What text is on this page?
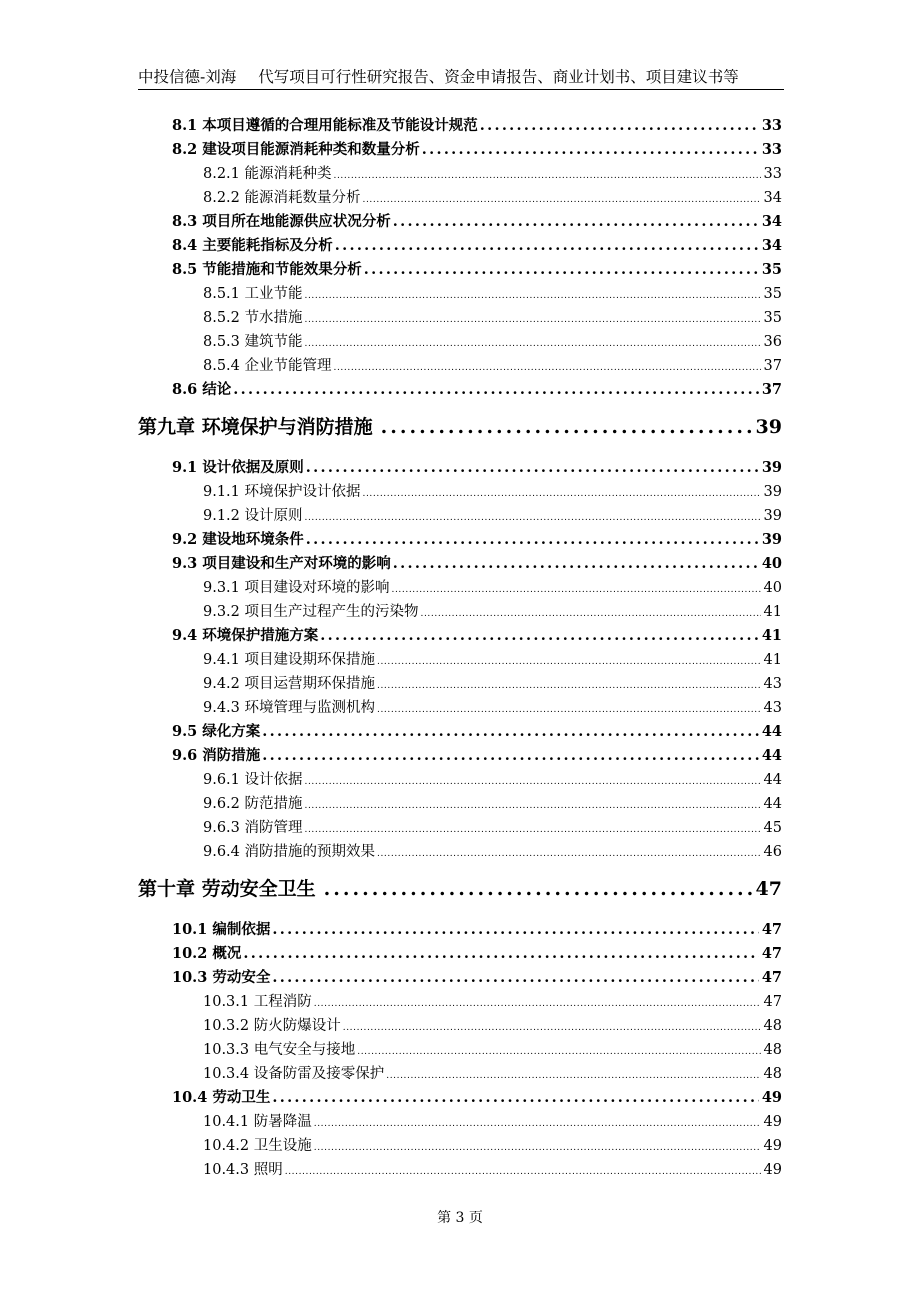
中投信德-刘海 代写项目可行性研究报告、资金申请报告、商业计划书、项目建议书等
8.1 本项目遵循的合理用能标准及节能设计规范 .....	33
8.2 建设项目能源消耗种类和数量分析 .....	33
8.2.1 能源消耗种类 .....	33
8.2.2 能源消耗数量分析 .....	34
8.3 项目所在地能源供应状况分析 .....	34
8.4 主要能耗指标及分析 .....	34
8.5 节能措施和节能效果分析 .....	35
8.5.1 工业节能 .....	35
8.5.2 节水措施 .....	35
8.5.3 建筑节能 .....	36
8.5.4 企业节能管理 .....	37
8.6 结论 .....	37
第九章 环境保护与消防措施 .....	39
9.1 设计依据及原则 .....	39
9.1.1 环境保护设计依据 .....	39
9.1.2 设计原则 .....	39
9.2 建设地环境条件 .....	39
9.3 项目建设和生产对环境的影响 .....	40
9.3.1 项目建设对环境的影响 .....	40
9.3.2 项目生产过程产生的污染物 .....	41
9.4 环境保护措施方案 .....	41
9.4.1 项目建设期环保措施 .....	41
9.4.2 项目运营期环保措施 .....	43
9.4.3 环境管理与监测机构 .....	43
9.5 绿化方案 .....	44
9.6 消防措施 .....	44
9.6.1 设计依据 .....	44
9.6.2 防范措施 .....	44
9.6.3 消防管理 .....	45
9.6.4 消防措施的预期效果 .....	46
第十章 劳动安全卫生 .....	47
10.1 编制依据 .....	47
10.2 概况 .....	47
10.3 劳动安全 .....	47
10.3.1 工程消防 .....	47
10.3.2 防火防爆设计 .....	48
10.3.3 电气安全与接地 .....	48
10.3.4 设备防雷及接零保护 .....	48
10.4 劳动卫生 .....	49
10.4.1 防暑降温 .....	49
10.4.2 卫生设施 .....	49
10.4.3 照明 .....	49
第 3 页
